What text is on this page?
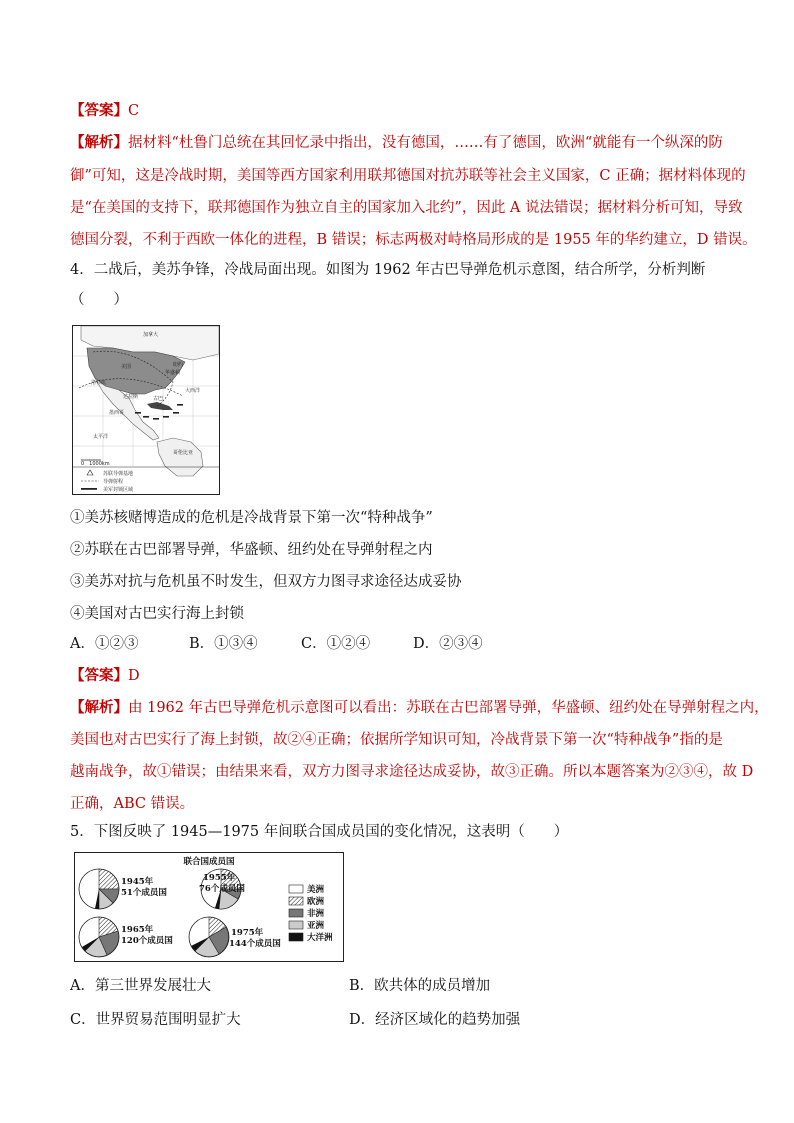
【答案】C
【解析】据材料“杜鲁门总统在其回忆录中指出，没有德国，……有了德国，欧洲“就能有一个纵深的防
御”可知，这是冷战时期，美国等西方国家利用联邦德国对抗苏联等社会主义国家，C 正确；据材料体现的
是“在美国的支持下，联邦德国作为独立自主的国家加入北约”，因此 A 说法错误；据材料分析可知，导致
德国分裂，不利于西欧一体化的进程，B 错误；标志两极对峙格局形成的是 1955 年的华约建立，D 错误。
4．二战后，美苏争锋，冷战局面出现。如图为 1962 年古巴导弹危机示意图，结合所学，分析判断
（　　）
加拿大
美国
洛杉矶
华盛顿
纽约
大西洋
达拉斯
墨西哥
古巴
太平洋
哥伦比亚
0　1000km
苏联导弹基地
导弹射程
美军封锁区域
①美苏核赌博造成的危机是冷战背景下第一次“特种战争”
②苏联在古巴部署导弹，华盛顿、纽约处在导弹射程之内
③美苏对抗与危机虽不时发生，但双方力图寻求途径达成妥协
④美国对古巴实行海上封锁
A．①②③	B．①③④	C．①②④	D．②③④
【答案】D
【解析】由 1962 年古巴导弹危机示意图可以看出：苏联在古巴部署导弹，华盛顿、纽约处在导弹射程之内，
美国也对古巴实行了海上封锁，故②④正确；依据所学知识可知，冷战背景下第一次“特种战争”指的是
越南战争，故①错误；由结果来看，双方力图寻求途径达成妥协，故③正确。所以本题答案为②③④，故 D
正确，ABC 错误。
5．下图反映了 1945—1975 年间联合国成员国的变化情况，这表明（　　）
联合国成员国
1945年
51个成员国
1955年
76个成员国
1965年
120个成员国
1975年
144个成员国
美洲
欧洲
非洲
亚洲
大洋洲
A．第三世界发展壮大	B．欧共体的成员增加
C．世界贸易范围明显扩大	D．经济区域化的趋势加强
